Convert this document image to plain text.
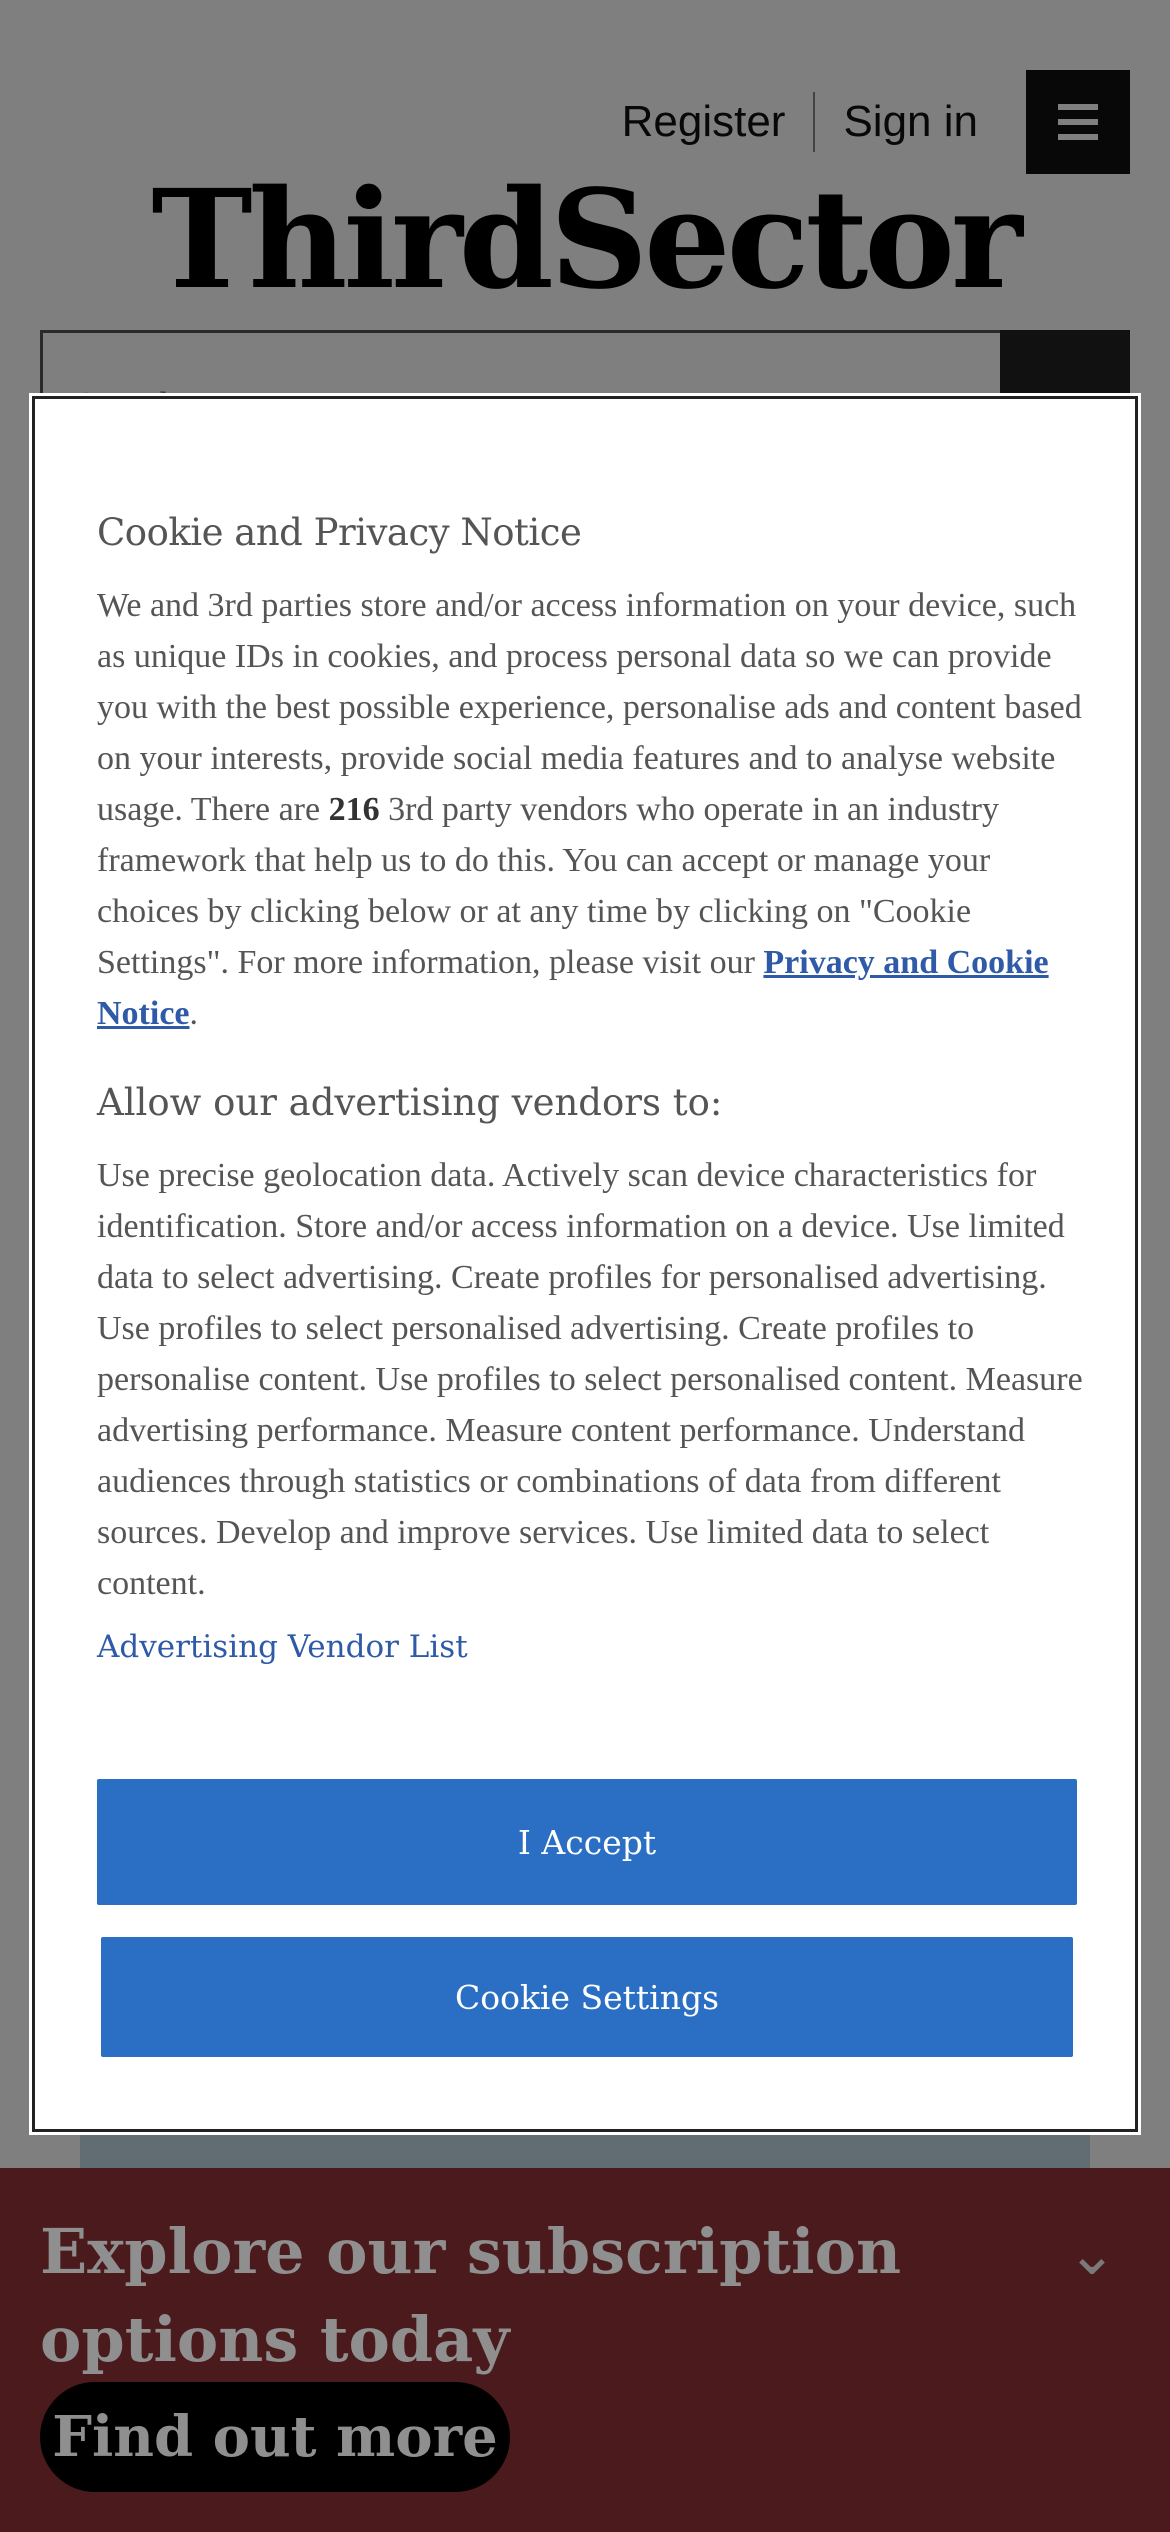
Search
Cookie and Privacy Notice

We and 3rd parties store and/or access information on your device, such as unique IDs in cookies, and process personal data so we can provide you with the best possible experience, personalise ads and content based on your interests, provide social media features and to analyse website usage. There are 216 3rd party vendors who operate in an industry framework that help us to do this. You can accept or manage your choices by clicking below or at any time by clicking on "Cookie Settings". For more information, please visit our Privacy and Cookie Notice.

Allow our advertising vendors to:

Use precise geolocation data. Actively scan device characteristics for identification. Store and/or access information on a device. Use limited data to select advertising. Create profiles for personalised advertising. Use profiles to select personalised advertising. Create profiles to personalise content. Use profiles to select personalised content. Measure advertising performance. Measure content performance. Understand audiences through statistics or combinations of data from different sources. Develop and improve services. Use limited data to select content.

Advertising Vendor List
I Accept
Cookie Settings

Explore our subscription options today

⌄
Find out more
